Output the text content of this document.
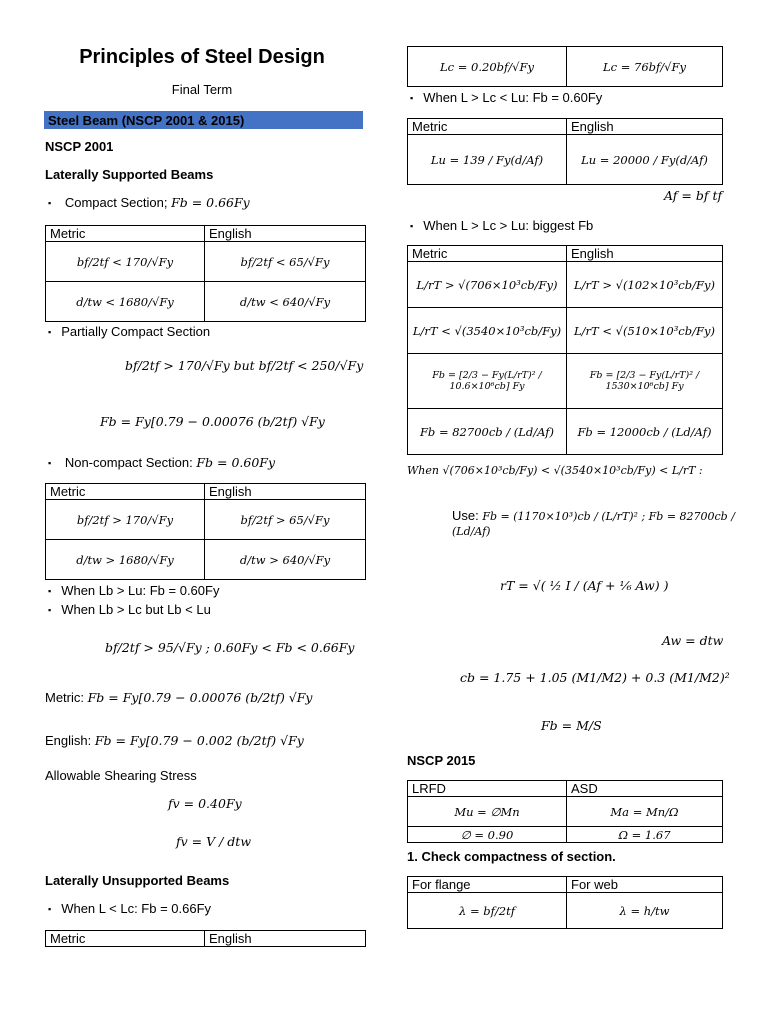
Principles of Steel Design
Final Term
Steel Beam (NSCP 2001 & 2015)
NSCP 2001
Laterally Supported Beams
▪ Compact Section; Fb = 0.66Fy
Metric	English
bf/2tf < 170/√Fy	bf/2tf < 65/√Fy
d/tw < 1680/√Fy	d/tw < 640/√Fy
▪ Partially Compact Section
bf/2tf > 170/√Fy but bf/2tf < 250/√Fy
Fb = Fy[0.79 − 0.00076 (b/2tf) √Fy
▪ Non-compact Section: Fb = 0.60Fy
Metric	English
bf/2tf > 170/√Fy	bf/2tf > 65/√Fy
d/tw > 1680/√Fy	d/tw > 640/√Fy
▪ When Lb > Lu: Fb = 0.60Fy
▪ When Lb > Lc but Lb < Lu
bf/2tf > 95/√Fy ; 0.60Fy < Fb < 0.66Fy
Metric: Fb = Fy[0.79 − 0.00076 (b/2tf) √Fy
English: Fb = Fy[0.79 − 0.002 (b/2tf) √Fy
Allowable Shearing Stress
fv = 0.40Fy
fv = V / dtw
Laterally Unsupported Beams
▪ When L < Lc: Fb = 0.66Fy
Metric	English
Lc = 0.20bf/√Fy	Lc = 76bf/√Fy
▪ When L > Lc < Lu: Fb = 0.60Fy
Metric	English
Lu = 139 / Fy(d/Af)	Lu = 20000 / Fy(d/Af)
Af = bf tf
▪ When L > Lc > Lu: biggest Fb
Metric	English
L/rT > √(706×10³cb/Fy)	L/rT > √(102×10³cb/Fy)
L/rT < √(3540×10³cb/Fy)	L/rT < √(510×10³cb/Fy)
Fb = [2/3 − Fy(L/rT)² / 10.6×10⁶cb] Fy	Fb = [2/3 − Fy(L/rT)² / 1530×10⁶cb] Fy
Fb = 82700cb / (Ld/Af)	Fb = 12000cb / (Ld/Af)
When √(706×10³cb/Fy) < √(3540×10³cb/Fy) < L/rT :
Use: Fb = (1170×10³)cb / (L/rT)² ; Fb = 82700cb / (Ld/Af)
rT = √( ½ I / (Af + ⅙ Aw) )
Aw = dtw
cb = 1.75 + 1.05 (M1/M2) + 0.3 (M1/M2)²
Fb = M/S
NSCP 2015
LRFD	ASD
Mu = ∅Mn	Ma = Mn/Ω
∅ = 0.90	Ω = 1.67
1. Check compactness of section.
For flange	For web
λ = bf/2tf	λ = h/tw
